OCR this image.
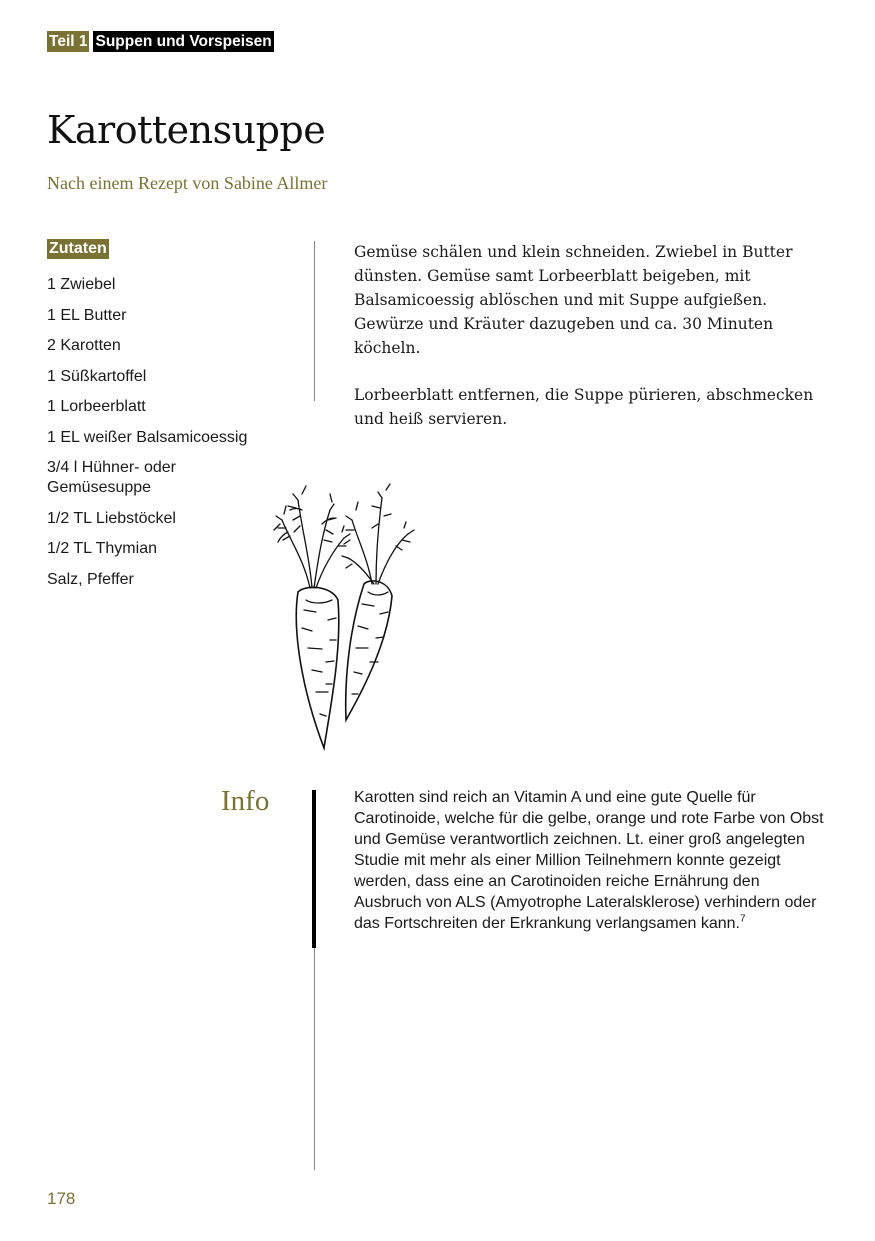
Teil 1 Suppen und Vorspeisen
Karottensuppe
Nach einem Rezept von Sabine Allmer
Zutaten
1 Zwiebel
1 EL Butter
2 Karotten
1 Süßkartoffel
1 Lorbeerblatt
1 EL weißer Balsamicoessig
3/4 l Hühner- oder Gemüsesuppe
1/2 TL Liebstöckel
1/2 TL Thymian
Salz, Pfeffer

Gemüse schälen und klein schneiden. Zwiebel in Butter dünsten. Gemüse samt Lorbeerblatt beigeben, mit Balsamicoessig ablöschen und mit Suppe aufgießen. Gewürze und Kräuter dazugeben und ca. 30 Minuten köcheln.

Lorbeerblatt entfernen, die Suppe pürieren, abschmecken und heiß servieren.

Info	Karotten sind reich an Vitamin A und eine gute Quelle für Carotinoide, welche für die gelbe, orange und rote Farbe von Obst und Gemüse verantwortlich zeichnen. Lt. einer groß angelegten Studie mit mehr als einer Million Teilnehmern konnte gezeigt werden, dass eine an Carotinoiden reiche Ernährung den Ausbruch von ALS (Amyotrophe Lateralsklerose) verhindern oder das Fortschreiten der Erkrankung verlangsamen kann.$^7$
178
